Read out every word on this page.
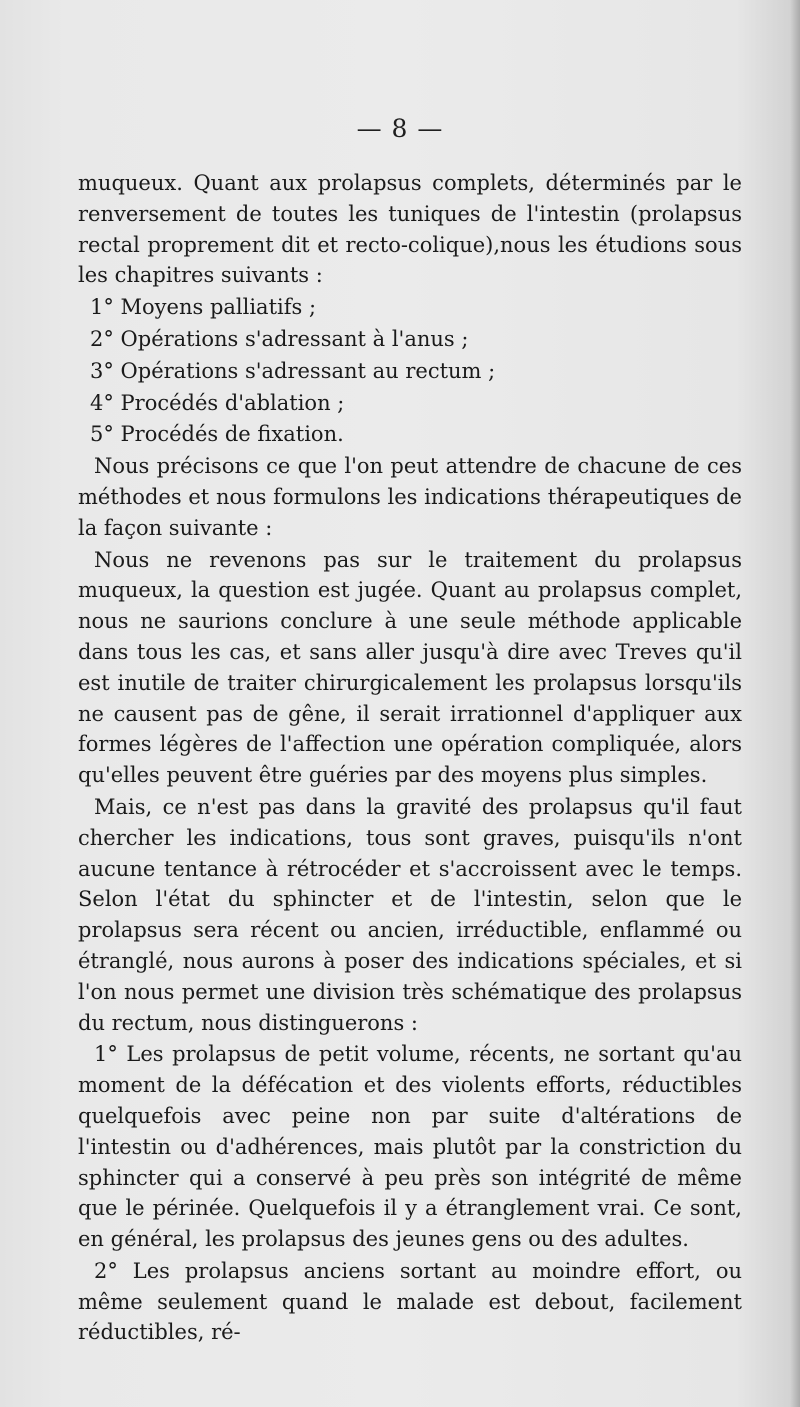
— 8 —

muqueux. Quant aux prolapsus complets, déterminés par le renversement de toutes les tuniques de l'intestin (prolapsus rectal proprement dit et recto-colique),nous les étudions sous les chapitres suivants :

1° Moyens palliatifs ;

2° Opérations s'adressant à l'anus ;

3° Opérations s'adressant au rectum ;

4° Procédés d'ablation ;

5° Procédés de fixation.

Nous précisons ce que l'on peut attendre de chacune de ces méthodes et nous formulons les indications thérapeutiques de la façon suivante :

Nous ne revenons pas sur le traitement du prolapsus muqueux, la question est jugée. Quant au prolapsus complet, nous ne saurions conclure à une seule méthode applicable dans tous les cas, et sans aller jusqu'à dire avec Treves qu'il est inutile de traiter chirurgicalement les prolapsus lorsqu'ils ne causent pas de gêne, il serait irrationnel d'appliquer aux formes légères de l'affection une opération compliquée, alors qu'elles peuvent être guéries par des moyens plus simples.

Mais, ce n'est pas dans la gravité des prolapsus qu'il faut chercher les indications, tous sont graves, puisqu'ils n'ont aucune tentance à rétrocéder et s'accroissent avec le temps. Selon l'état du sphincter et de l'intestin, selon que le prolapsus sera récent ou ancien, irréductible, enflammé ou étranglé, nous aurons à poser des indications spéciales, et si l'on nous permet une division très schématique des prolapsus du rectum, nous distinguerons :

1° Les prolapsus de petit volume, récents, ne sortant qu'au moment de la défécation et des violents efforts, réductibles quelquefois avec peine non par suite d'altérations de l'intestin ou d'adhérences, mais plutôt par la constriction du sphincter qui a conservé à peu près son intégrité de même que le périnée. Quelquefois il y a étranglement vrai. Ce sont, en général, les prolapsus des jeunes gens ou des adultes.

2° Les prolapsus anciens sortant au moindre effort, ou même seulement quand le malade est debout, facilement réductibles, ré-
